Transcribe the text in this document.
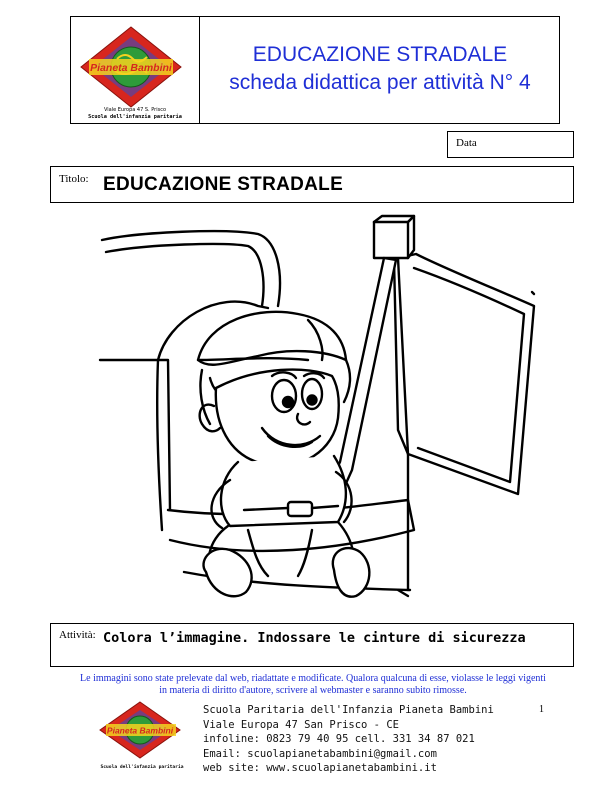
Pianeta Bambini
Viale Europa 47 S. Prisco
Scuola dell'infanzia paritaria
EDUCAZIONE STRADALE
scheda didattica per attività N° 4
Data
Titolo: EDUCAZIONE STRADALE
Attività: Colora l’immagine. Indossare le cinture di sicurezza
Le immagini sono state prelevate dal web, riadattate e modificate. Qualora qualcuna di esse, violasse le leggi vigenti
in materia di diritto d'autore, scrivere al webmaster e saranno subito rimosse.
1
Pianeta Bambini
Scuola dell'infanzia paritaria
Scuola Paritaria dell'Infanzia Pianeta Bambini
Viale Europa 47 San Prisco - CE
infoline: 0823 79 40 95 cell. 331 34 87 021
Email: scuolapianetabambini@gmail.com
web site: www.scuolapianetabambini.it
